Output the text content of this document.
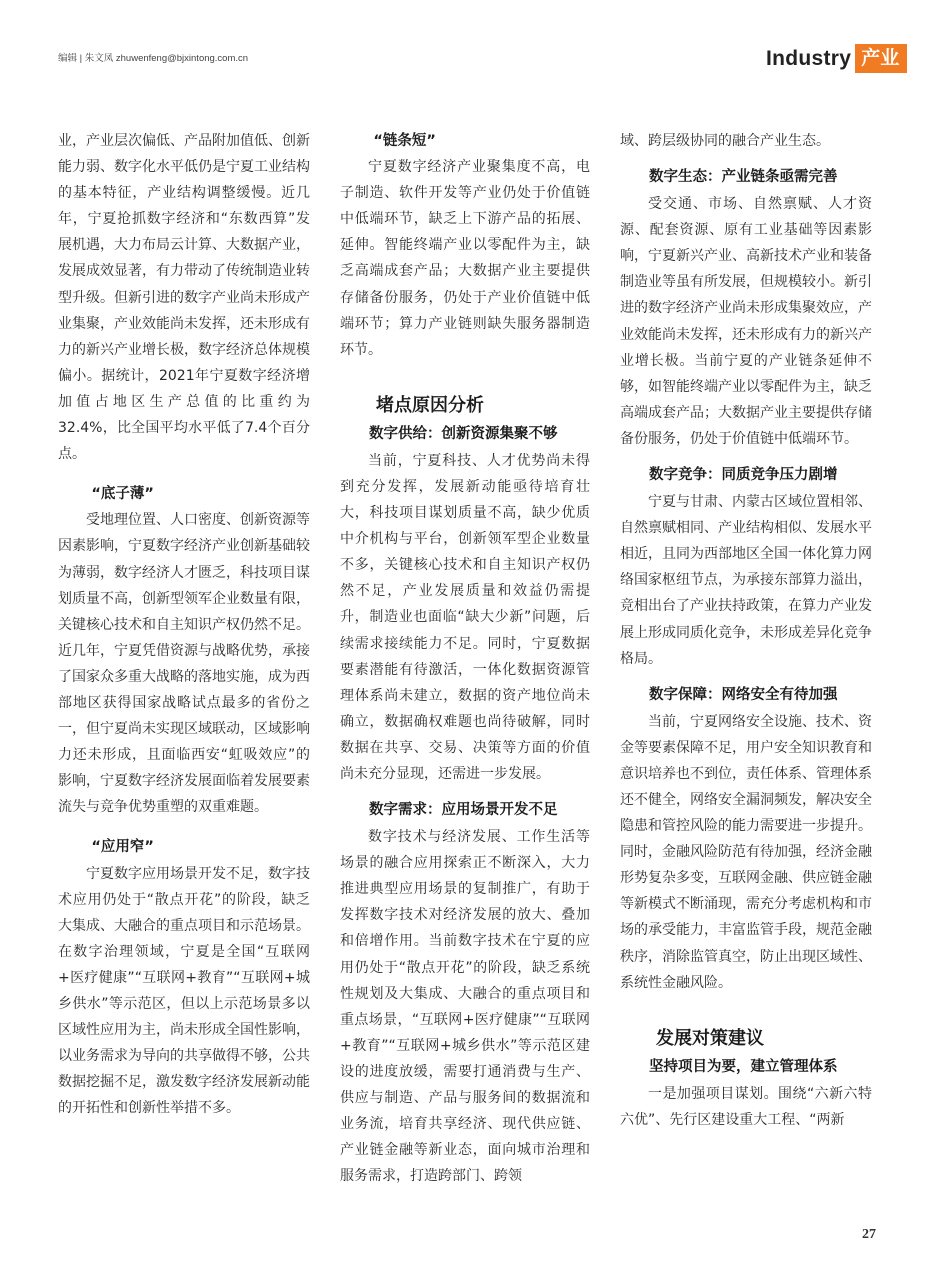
编辑 | 朱文凤 zhuwenfeng@bjxintong.com.cn	Industry 产业

业，产业层次偏低、产品附加值低、创新能力弱、数字化水平低仍是宁夏工业结构的基本特征，产业结构调整缓慢。近几年，宁夏抢抓数字经济和“东数西算”发展机遇，大力布局云计算、大数据产业，发展成效显著，有力带动了传统制造业转型升级。但新引进的数字产业尚未形成产业集聚，产业效能尚未发挥，还未形成有力的新兴产业增长极，数字经济总体规模偏小。据统计，2021年宁夏数字经济增加值占地区生产总值的比重约为32.4%，比全国平均水平低了7.4个百分点。

“底子薄”

受地理位置、人口密度、创新资源等因素影响，宁夏数字经济产业创新基础较为薄弱，数字经济人才匮乏，科技项目谋划质量不高，创新型领军企业数量有限，关键核心技术和自主知识产权仍然不足。近几年，宁夏凭借资源与战略优势，承接了国家众多重大战略的落地实施，成为西部地区获得国家战略试点最多的省份之一，但宁夏尚未实现区域联动，区域影响力还未形成，且面临西安“虹吸效应”的影响，宁夏数字经济发展面临着发展要素流失与竞争优势重塑的双重难题。

“应用窄”

宁夏数字应用场景开发不足，数字技术应用仍处于“散点开花”的阶段，缺乏大集成、大融合的重点项目和示范场景。在数字治理领域，宁夏是全国“互联网+医疗健康”“互联网+教育”“互联网+城乡供水”等示范区，但以上示范场景多以区域性应用为主，尚未形成全国性影响，以业务需求为导向的共享做得不够，公共数据挖掘不足，激发数字经济发展新动能的开拓性和创新性举措不多。

“链条短”

宁夏数字经济产业聚集度不高，电子制造、软件开发等产业仍处于价值链中低端环节，缺乏上下游产品的拓展、延伸。智能终端产业以零配件为主，缺乏高端成套产品；大数据产业主要提供存储备份服务，仍处于产业价值链中低端环节；算力产业链则缺失服务器制造环节。

堵点原因分析

数字供给：创新资源集聚不够

当前，宁夏科技、人才优势尚未得到充分发挥，发展新动能亟待培育壮大，科技项目谋划质量不高，缺少优质中介机构与平台，创新领军型企业数量不多，关键核心技术和自主知识产权仍然不足，产业发展质量和效益仍需提升，制造业也面临“缺大少新”问题，后续需求接续能力不足。同时，宁夏数据要素潜能有待激活，一体化数据资源管理体系尚未建立，数据的资产地位尚未确立，数据确权难题也尚待破解，同时数据在共享、交易、决策等方面的价值尚未充分显现，还需进一步发展。

数字需求：应用场景开发不足

数字技术与经济发展、工作生活等场景的融合应用探索正不断深入，大力推进典型应用场景的复制推广，有助于发挥数字技术对经济发展的放大、叠加和倍增作用。当前数字技术在宁夏的应用仍处于“散点开花”的阶段，缺乏系统性规划及大集成、大融合的重点项目和重点场景，“互联网+医疗健康”“互联网+教育”“互联网+城乡供水”等示范区建设的进度放缓，需要打通消费与生产、供应与制造、产品与服务间的数据流和业务流，培育共享经济、现代供应链、产业链金融等新业态，面向城市治理和服务需求，打造跨部门、跨领

域、跨层级协同的融合产业生态。

数字生态：产业链条亟需完善

受交通、市场、自然禀赋、人才资源、配套资源、原有工业基础等因素影响，宁夏新兴产业、高新技术产业和装备制造业等虽有所发展，但规模较小。新引进的数字经济产业尚未形成集聚效应，产业效能尚未发挥，还未形成有力的新兴产业增长极。当前宁夏的产业链条延伸不够，如智能终端产业以零配件为主，缺乏高端成套产品；大数据产业主要提供存储备份服务，仍处于价值链中低端环节。

数字竞争：同质竞争压力剧增

宁夏与甘肃、内蒙古区域位置相邻、自然禀赋相同、产业结构相似、发展水平相近，且同为西部地区全国一体化算力网络国家枢纽节点，为承接东部算力溢出，竞相出台了产业扶持政策，在算力产业发展上形成同质化竞争，未形成差异化竞争格局。

数字保障：网络安全有待加强

当前，宁夏网络安全设施、技术、资金等要素保障不足，用户安全知识教育和意识培养也不到位，责任体系、管理体系还不健全，网络安全漏洞频发，解决安全隐患和管控风险的能力需要进一步提升。同时，金融风险防范有待加强，经济金融形势复杂多变，互联网金融、供应链金融等新模式不断涌现，需充分考虑机构和市场的承受能力，丰富监管手段，规范金融秩序，消除监管真空，防止出现区域性、系统性金融风险。

发展对策建议

坚持项目为要，建立管理体系

一是加强项目谋划。围绕“六新六特六优”、先行区建设重大工程、“两新

27
